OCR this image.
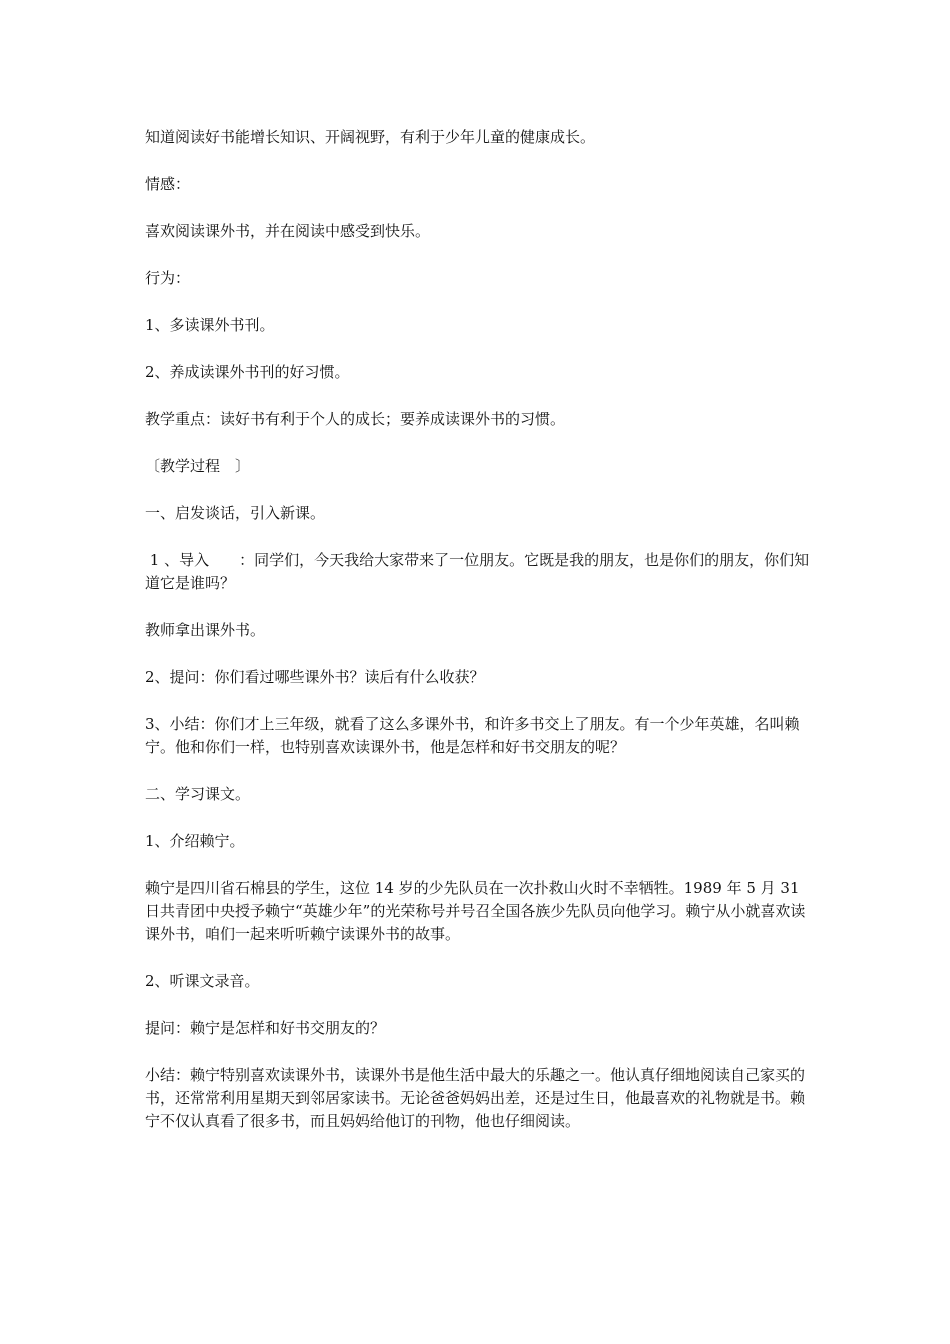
知道阅读好书能增长知识、开阔视野，有利于少年儿童的健康成长。

情感：

喜欢阅读课外书，并在阅读中感受到快乐。

行为：

1、多读课外书刊。

2、养成读课外书刊的好习惯。

教学重点：读好书有利于个人的成长；要养成读课外书的习惯。

〔教学过程　〕

一、启发谈话，引入新课。

1 、导入　　：同学们，今天我给大家带来了一位朋友。它既是我的朋友，也是你们的朋友，你们知道它是谁吗？

教师拿出课外书。

2、提问：你们看过哪些课外书？读后有什么收获？

3、小结：你们才上三年级，就看了这么多课外书，和许多书交上了朋友。有一个少年英雄，名叫赖宁。他和你们一样，也特别喜欢读课外书，他是怎样和好书交朋友的呢？

二、学习课文。

1、介绍赖宁。

赖宁是四川省石棉县的学生，这位 14 岁的少先队员在一次扑救山火时不幸牺牲。1989 年 5 月 31 日共青团中央授予赖宁“英雄少年”的光荣称号并号召全国各族少先队员向他学习。赖宁从小就喜欢读课外书，咱们一起来听听赖宁读课外书的故事。

2、听课文录音。

提问：赖宁是怎样和好书交朋友的？

小结：赖宁特别喜欢读课外书，读课外书是他生活中最大的乐趣之一。他认真仔细地阅读自己家买的书，还常常利用星期天到邻居家读书。无论爸爸妈妈出差，还是过生日，他最喜欢的礼物就是书。赖宁不仅认真看了很多书，而且妈妈给他订的刊物，他也仔细阅读。
